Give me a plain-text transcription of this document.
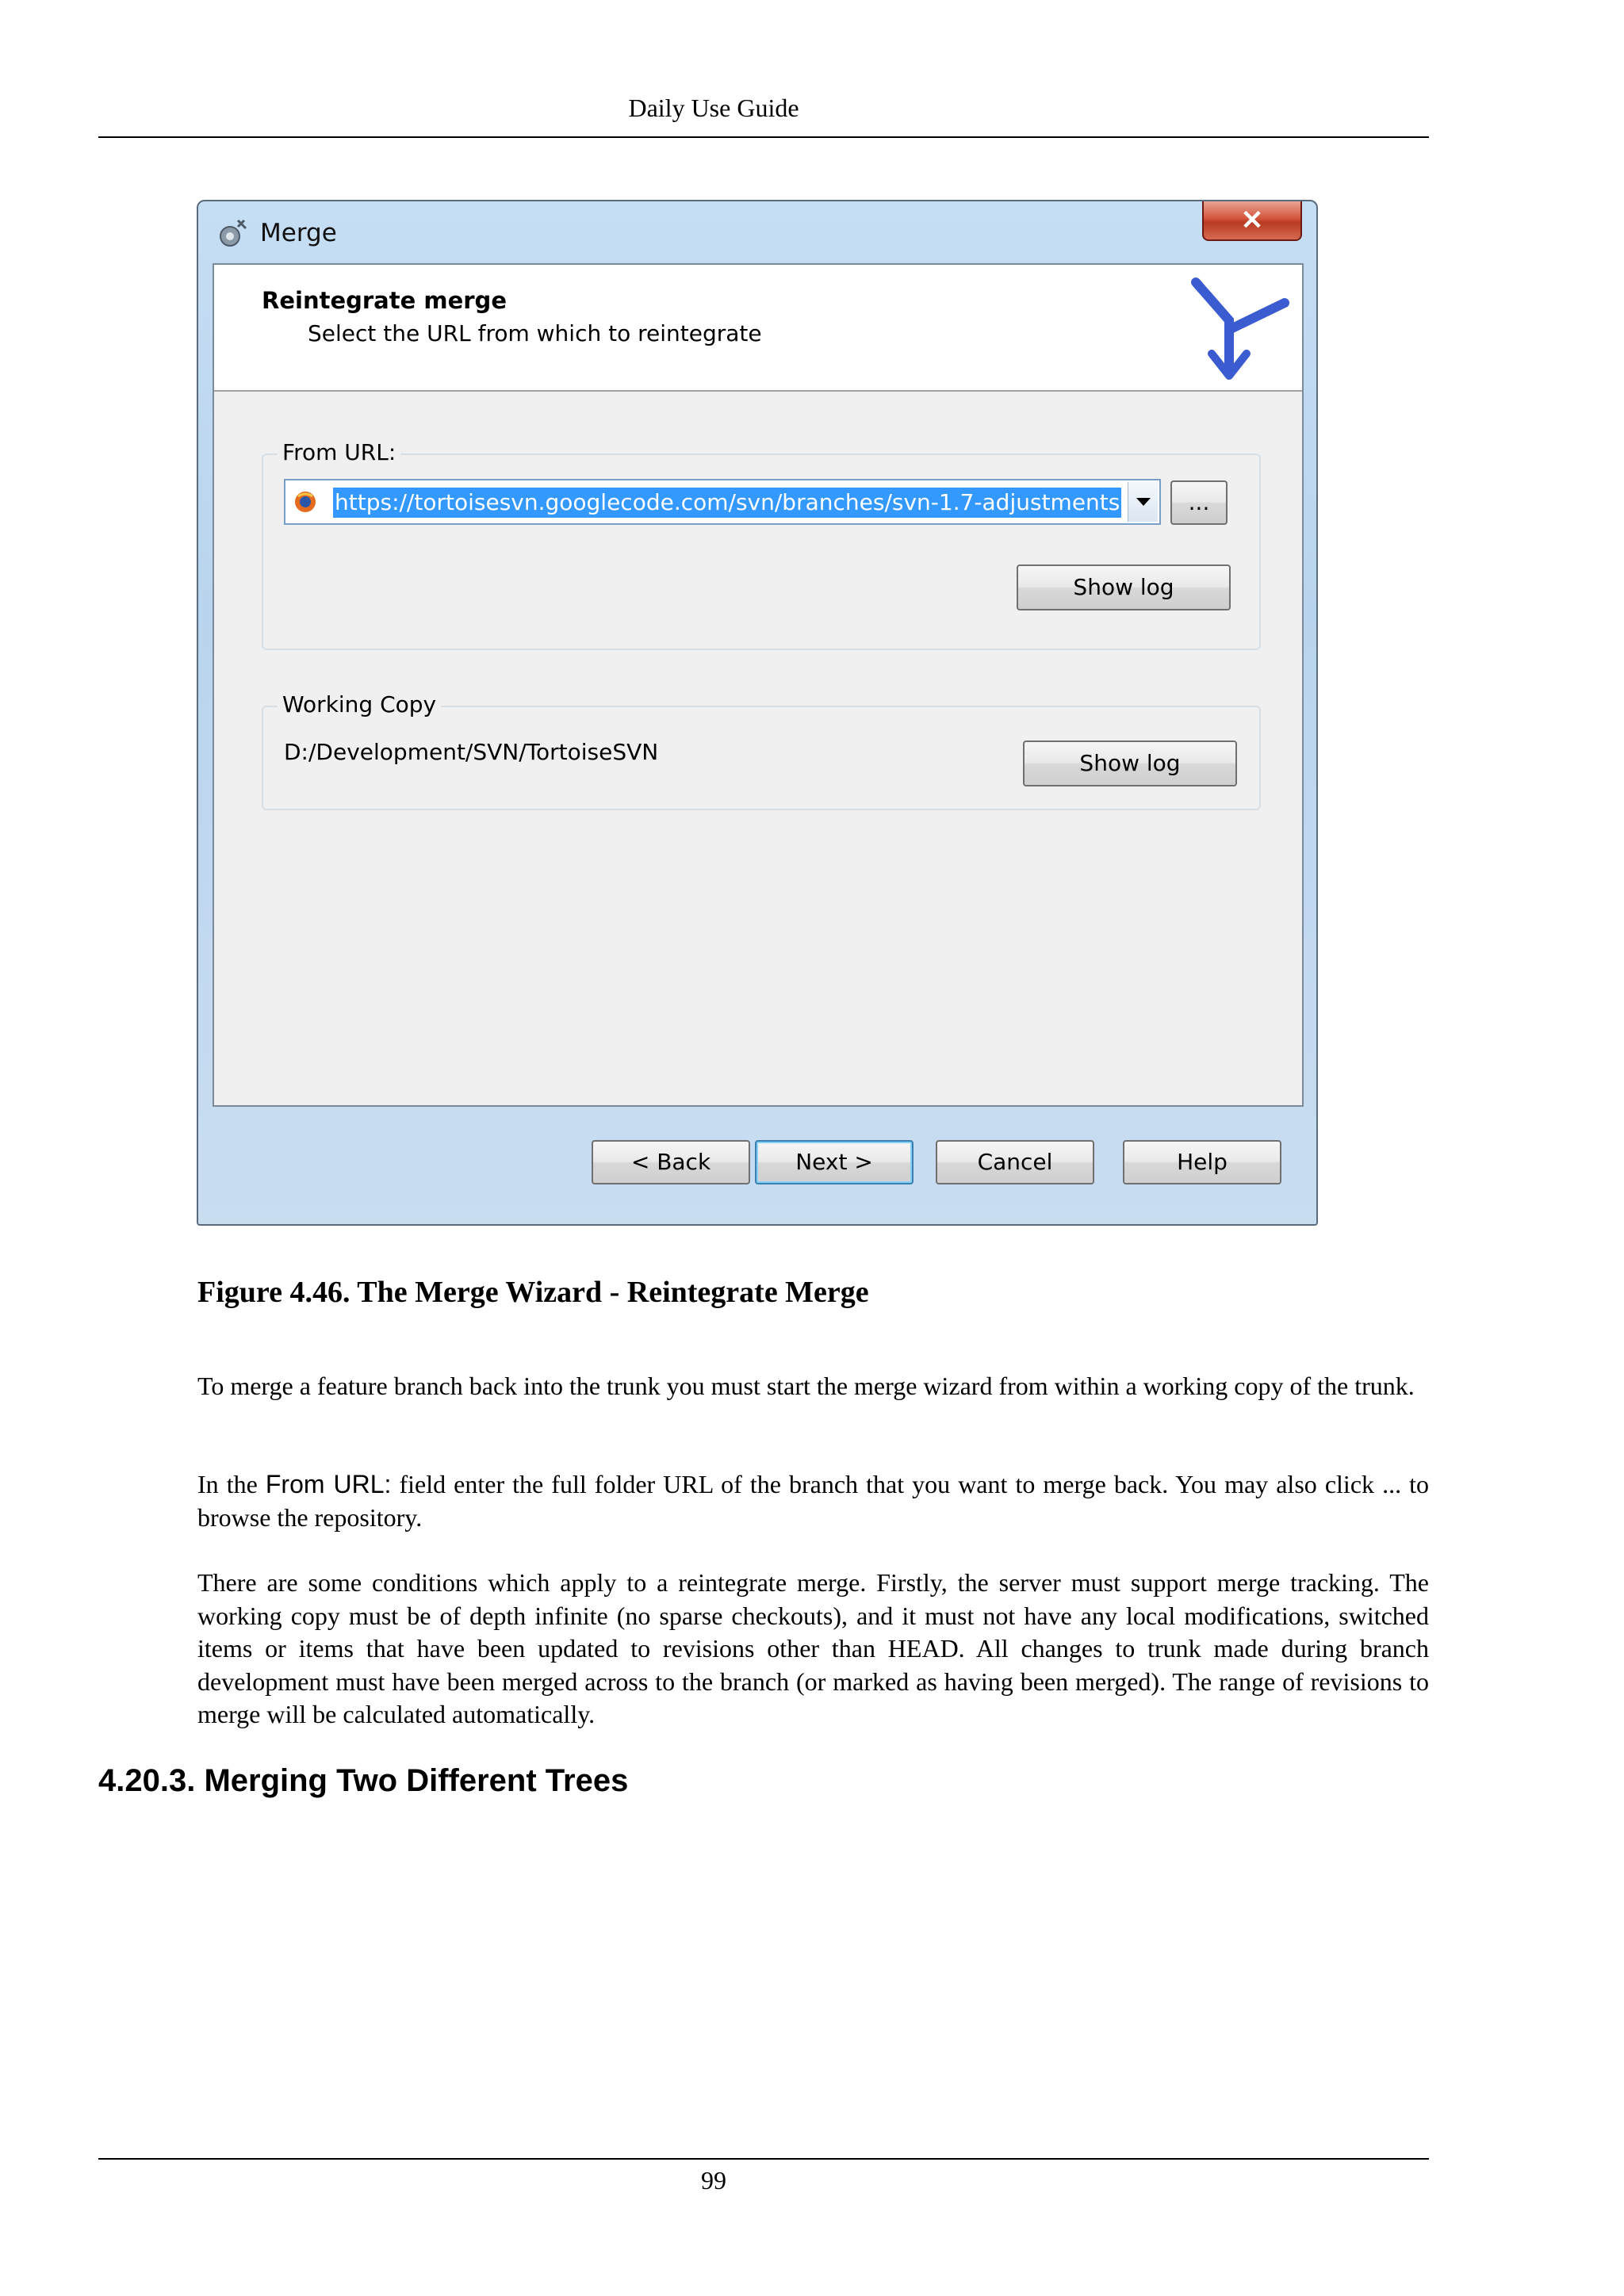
Daily Use Guide
Merge	✕
Reintegrate merge
Select the URL from which to reintegrate
From URL:
https://tortoisesvn.googlecode.com/svn/branches/svn-1.7-adjustments	...
Show log
Working Copy
D:/Development/SVN/TortoiseSVN	Show log
< Back	Next >	Cancel	Help
Figure 4.46. The Merge Wizard - Reintegrate Merge

To merge a feature branch back into the trunk you must start the merge wizard from within a working copy of the trunk.

In the From URL: field enter the full folder URL of the branch that you want to merge back. You may also click ... to browse the repository.

There are some conditions which apply to a reintegrate merge. Firstly, the server must support merge tracking. The working copy must be of depth infinite (no sparse checkouts), and it must not have any local modifications, switched items or items that have been updated to revisions other than HEAD. All changes to trunk made during branch development must have been merged across to the branch (or marked as having been merged). The range of revisions to merge will be calculated automatically.

4.20.3. Merging Two Different Trees
99
